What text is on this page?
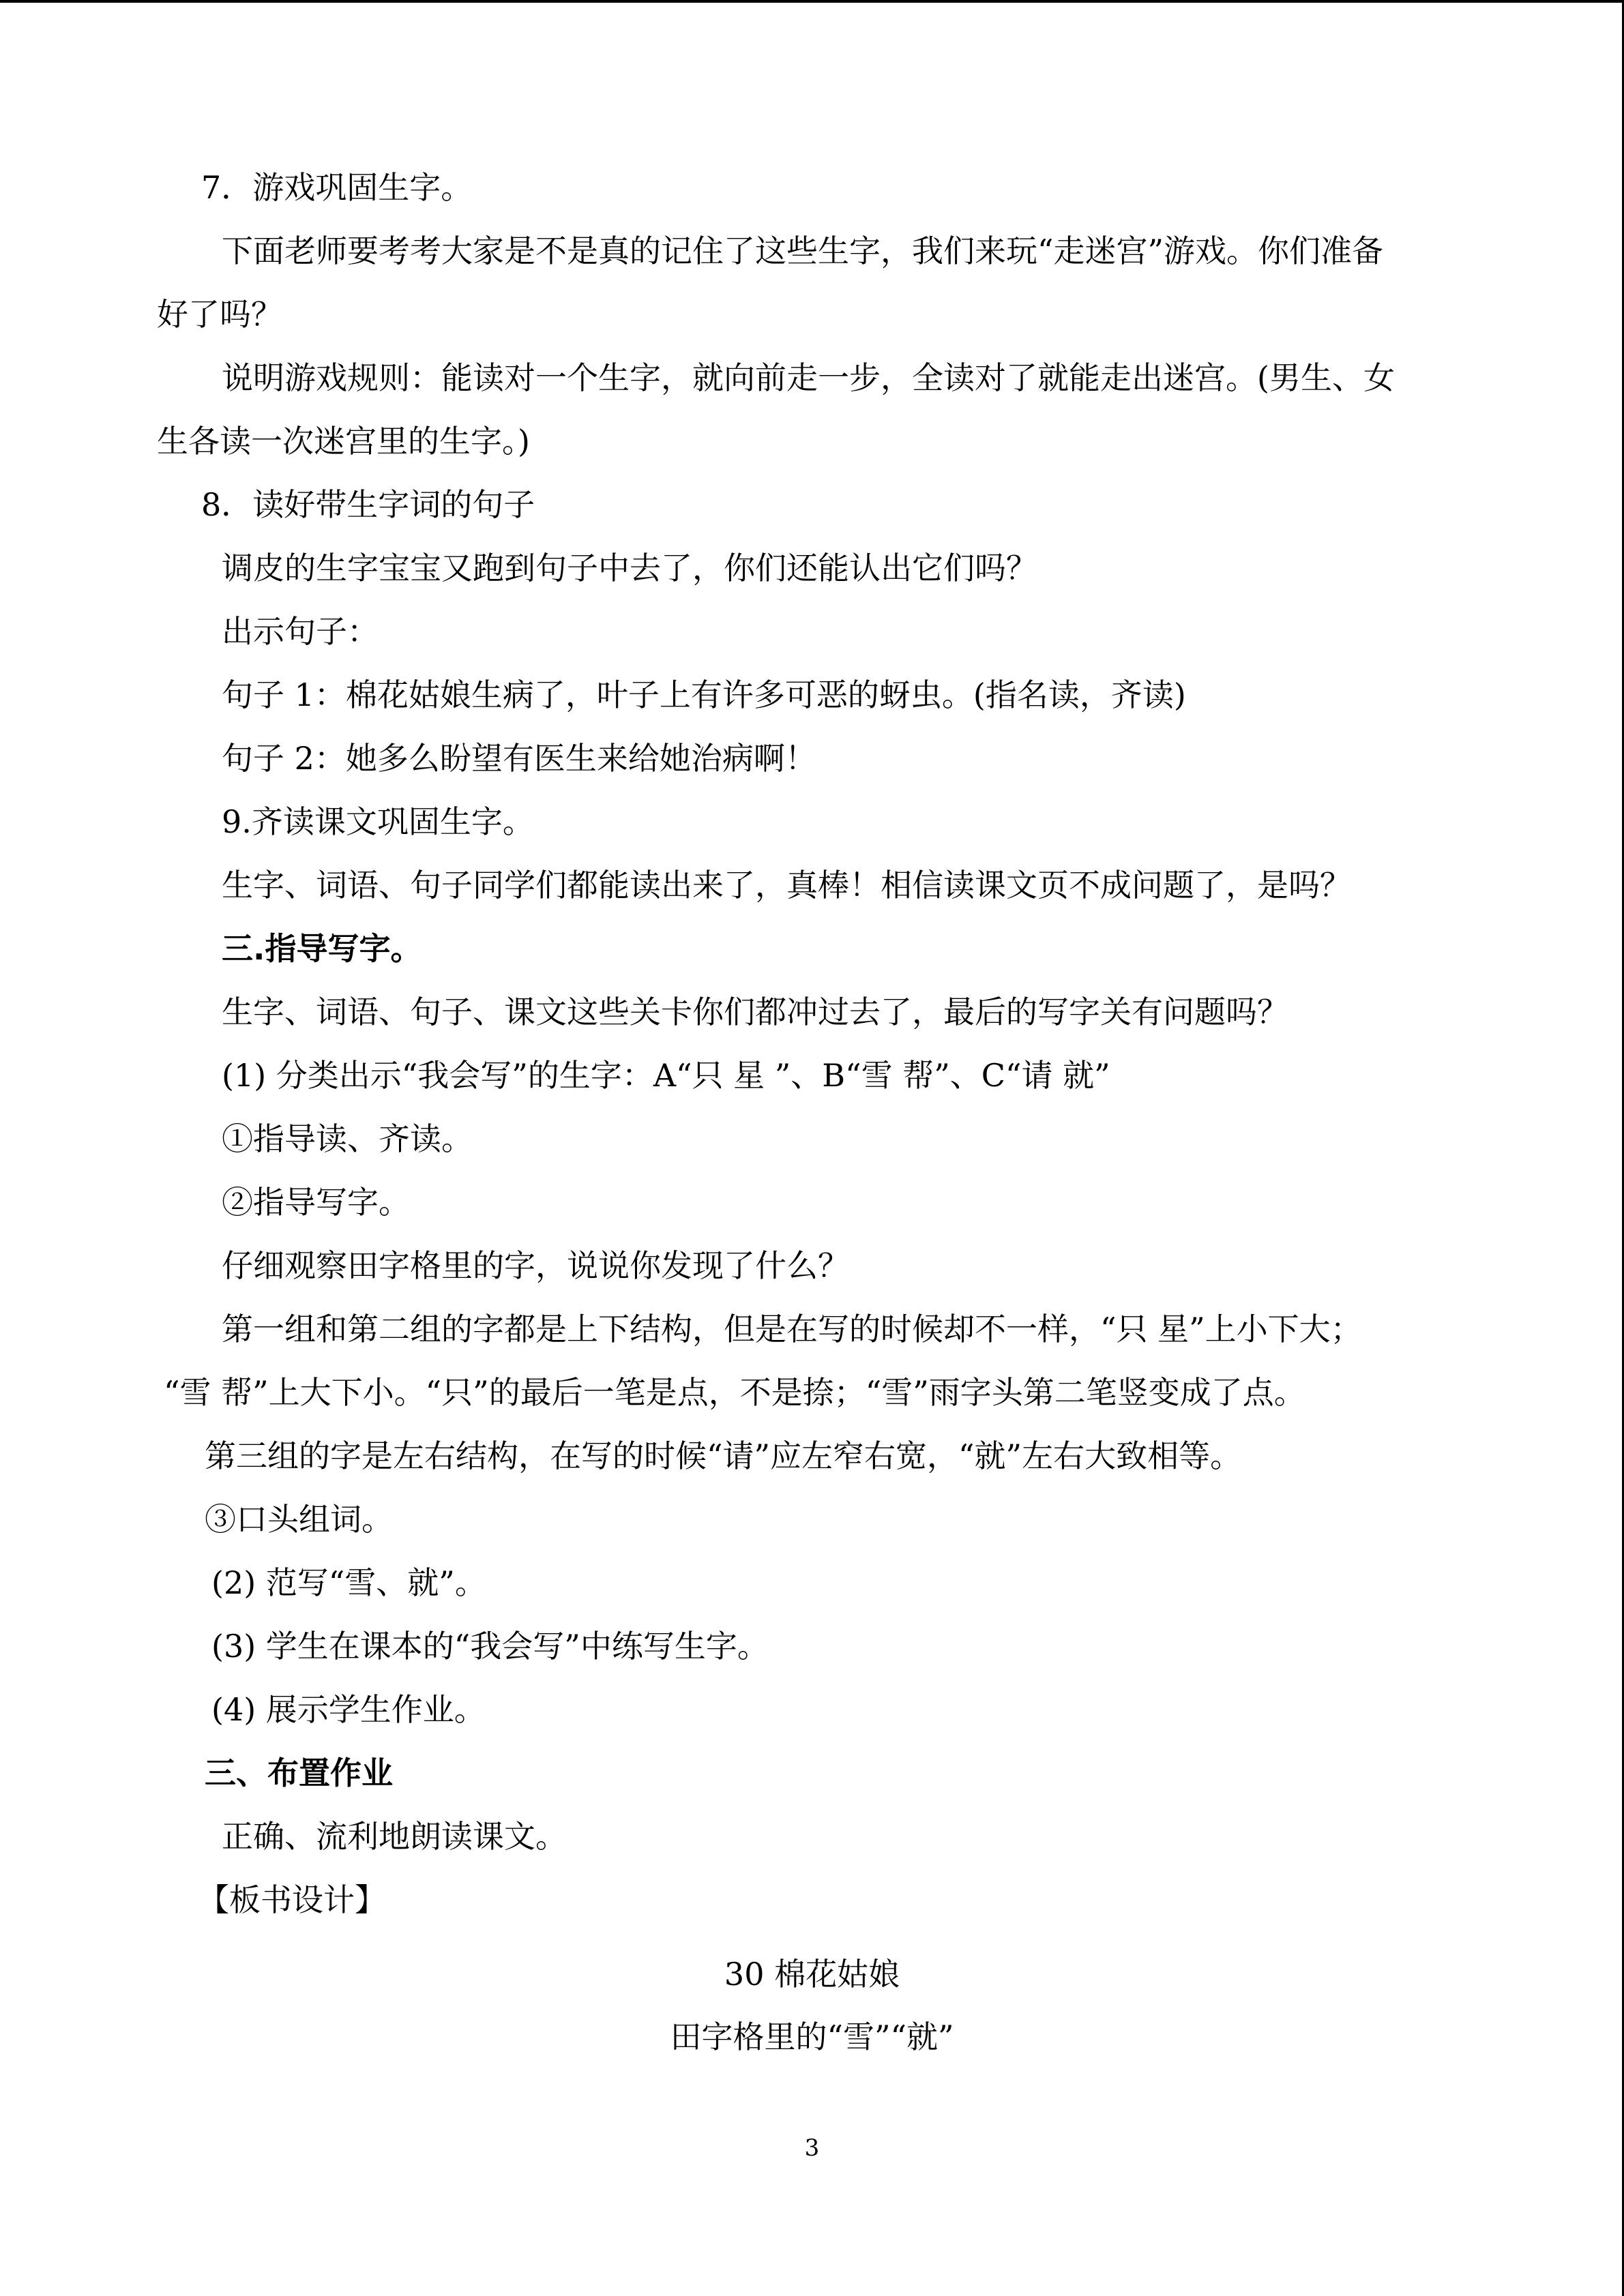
7．游戏巩固生字。

下面老师要考考大家是不是真的记住了这些生字，我们来玩“走迷宫”游戏。你们准备

好了吗？

说明游戏规则：能读对一个生字，就向前走一步，全读对了就能走出迷宫。(男生、女

生各读一次迷宫里的生字。)

8．读好带生字词的句子

调皮的生字宝宝又跑到句子中去了，你们还能认出它们吗？

出示句子：

句子 1：棉花姑娘生病了，叶子上有许多可恶的蚜虫。(指名读，齐读)

句子 2：她多么盼望有医生来给她治病啊！

9.齐读课文巩固生字。

生字、词语、句子同学们都能读出来了，真棒！相信读课文页不成问题了，是吗？

三.指导写字。

生字、词语、句子、课文这些关卡你们都冲过去了，最后的写字关有问题吗？

(1) 分类出示“我会写”的生字：A“只 星 ”、B“雪 帮”、C“请 就”

①指导读、齐读。

②指导写字。

仔细观察田字格里的字，说说你发现了什么？

第一组和第二组的字都是上下结构，但是在写的时候却不一样，“只 星”上小下大；

“雪 帮”上大下小。“只”的最后一笔是点，不是捺；“雪”雨字头第二笔竖变成了点。

第三组的字是左右结构，在写的时候“请”应左窄右宽，“就”左右大致相等。

③口头组词。

(2) 范写“雪、就”。

(3) 学生在课本的“我会写”中练写生字。

(4) 展示学生作业。

三、布置作业

正确、流利地朗读课文。

【板书设计】

30 棉花姑娘

田字格里的“雪”“就”

3
